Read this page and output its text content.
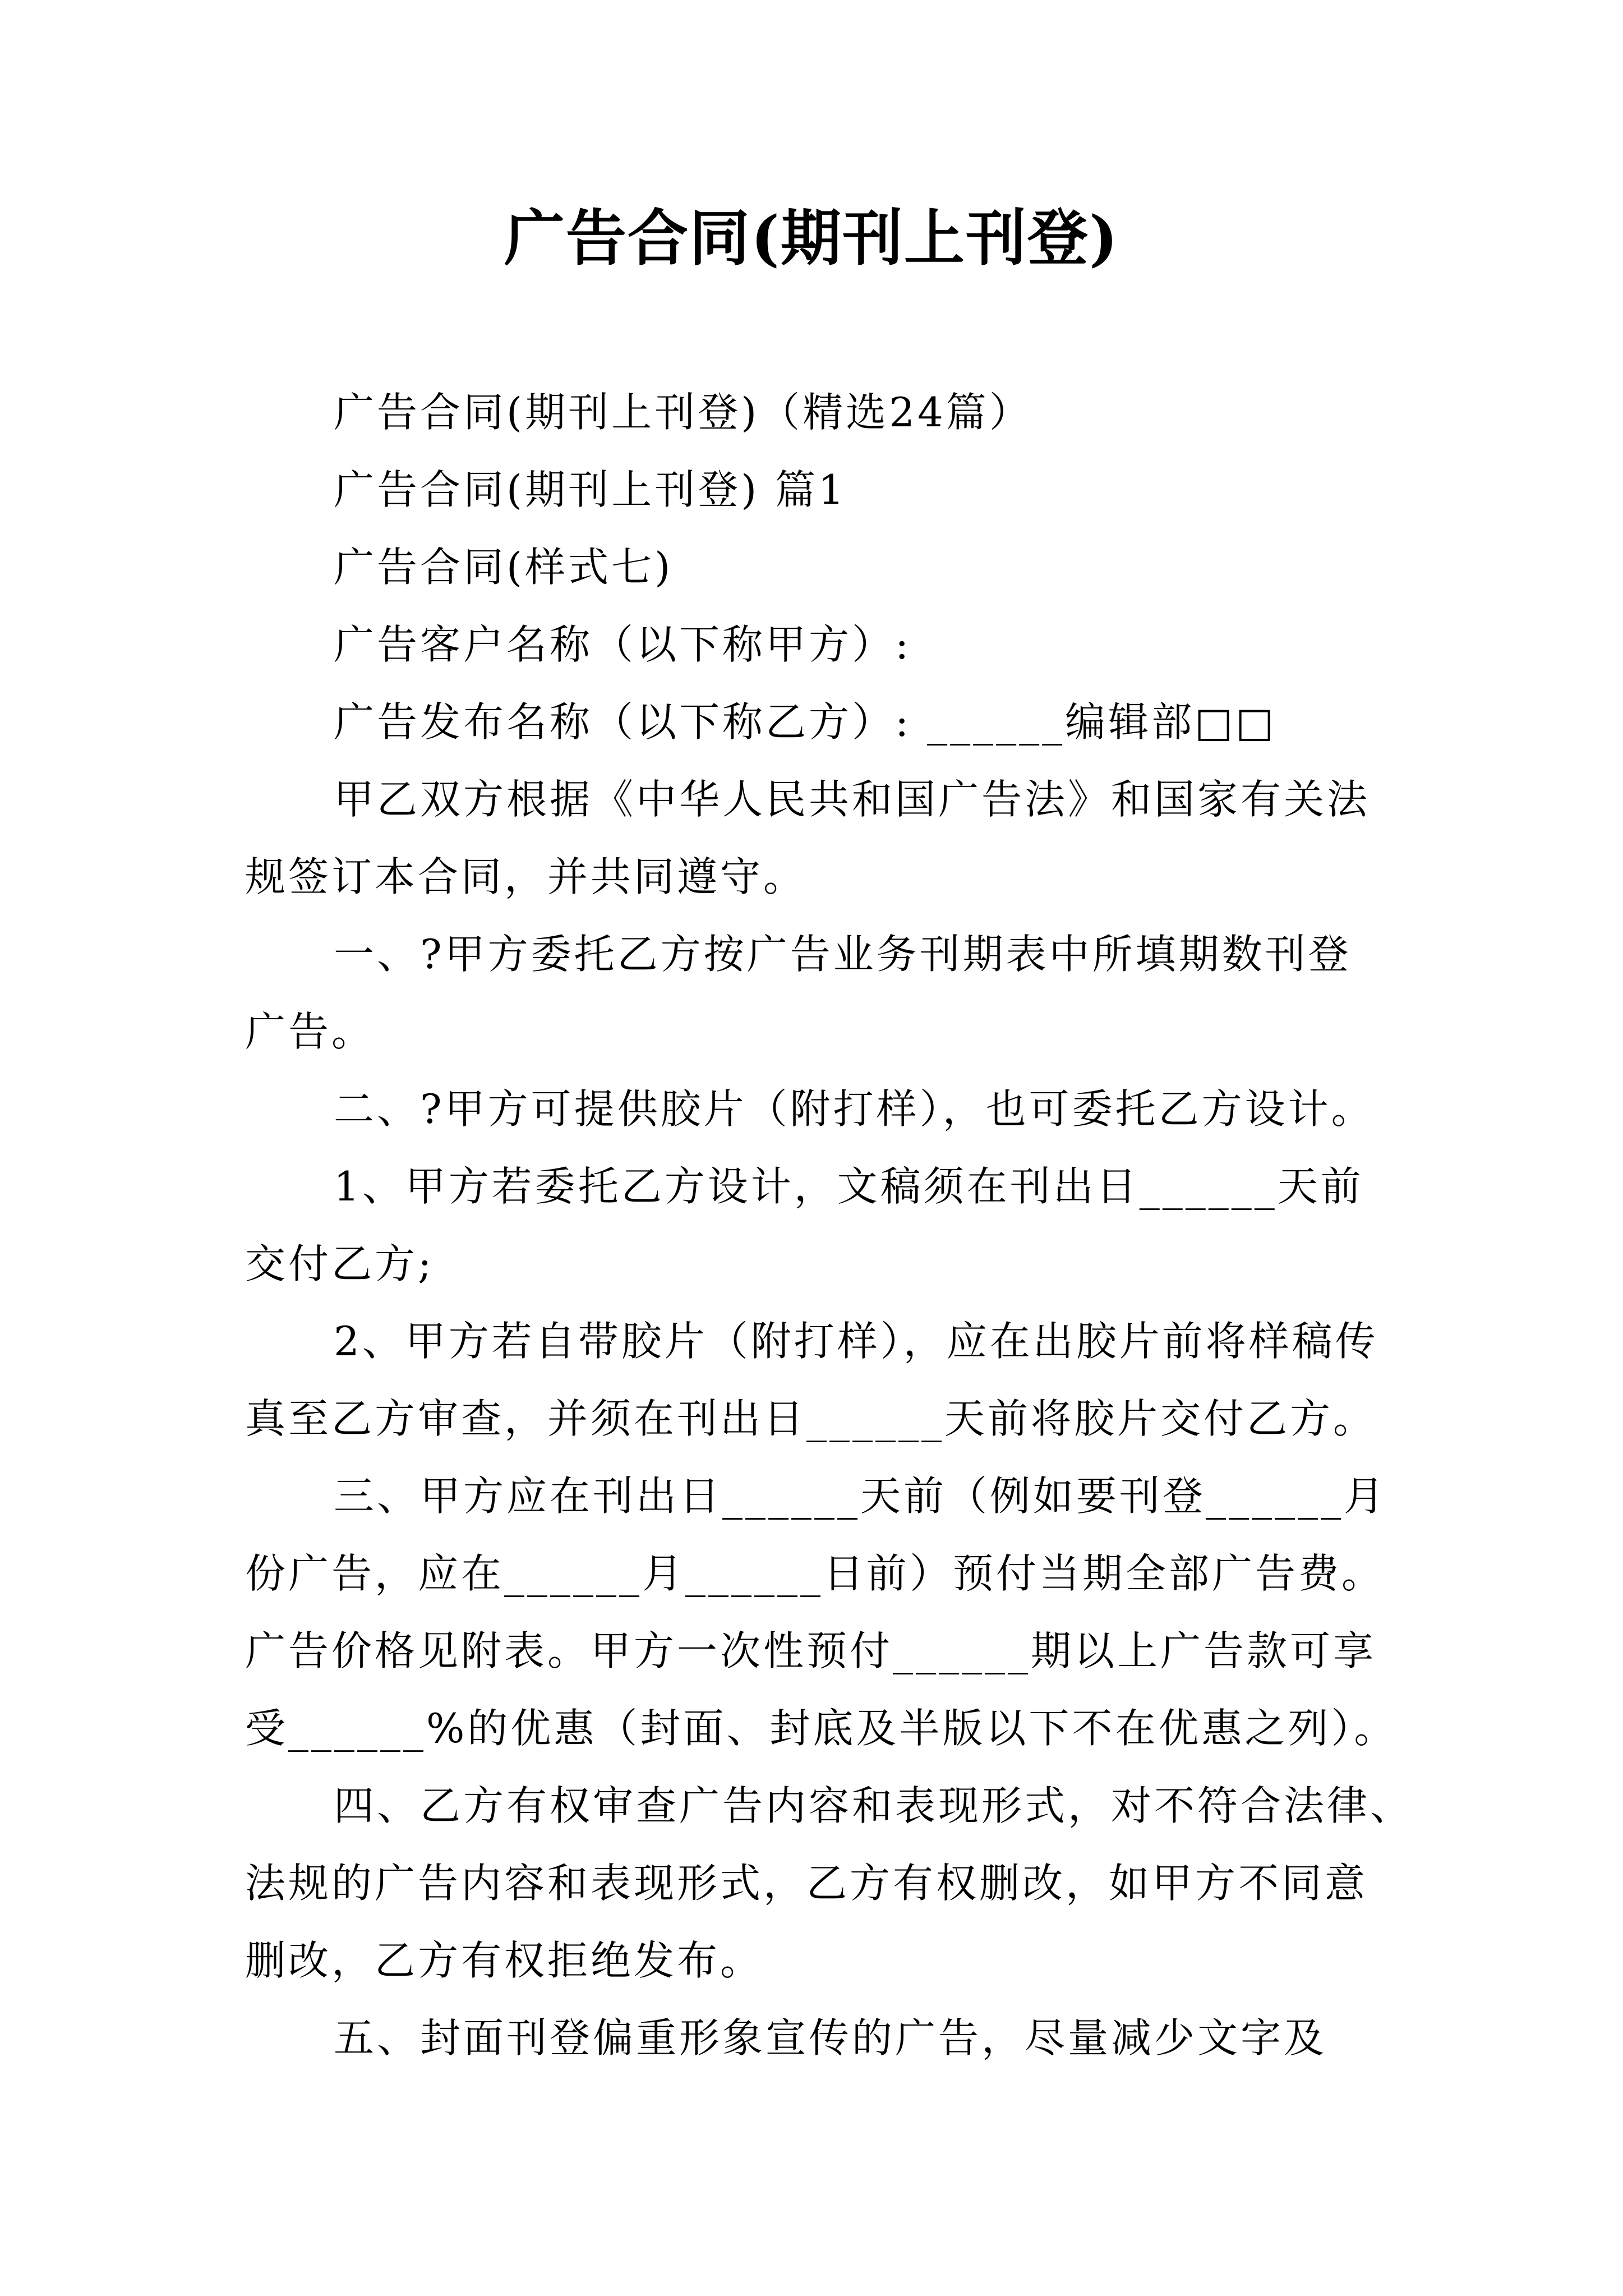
广告合同(期刊上刊登)
广告合同(期刊上刊登)（精选24篇）
广告合同(期刊上刊登) 篇1
广告合同(样式七)
广告客户名称（以下称甲方）:
广告发布名称（以下称乙方）: ______编辑部□□
甲乙双方根据《中华人民共和国广告法》和国家有关法
规签订本合同，并共同遵守。
一、?甲方委托乙方按广告业务刊期表中所填期数刊登
广告。
二、?甲方可提供胶片（附打样），也可委托乙方设计。
1、甲方若委托乙方设计，文稿须在刊出日______天前
交付乙方;
2、甲方若自带胶片（附打样），应在出胶片前将样稿传
真至乙方审查，并须在刊出日______天前将胶片交付乙方。
三、甲方应在刊出日______天前（例如要刊登______月
份广告，应在______月______日前）预付当期全部广告费。
广告价格见附表。甲方一次性预付______期以上广告款可享
受______%的优惠（封面、封底及半版以下不在优惠之列）。
四、乙方有权审查广告内容和表现形式，对不符合法律、
法规的广告内容和表现形式，乙方有权删改，如甲方不同意
删改，乙方有权拒绝发布。
五、封面刊登偏重形象宣传的广告，尽量减少文字及
